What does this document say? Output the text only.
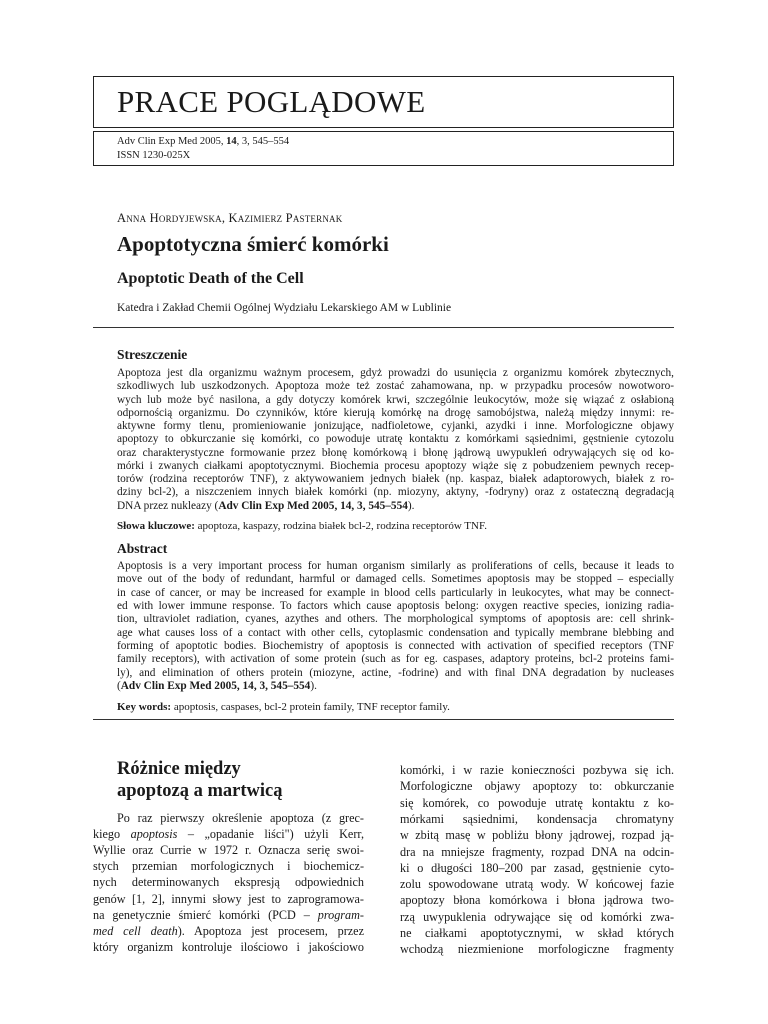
PRACE POGLĄDOWE
Adv Clin Exp Med 2005, 14, 3, 545–554
ISSN 1230-025X
Anna Hordyjewska, Kazimierz Pasternak
Apoptotyczna śmierć komórki
Apoptotic Death of the Cell
Katedra i Zakład Chemii Ogólnej Wydziału Lekarskiego AM w Lublinie
Streszczenie
Apoptoza jest dla organizmu ważnym procesem, gdyż prowadzi do usunięcia z organizmu komórek zbytecznych,
szkodliwych lub uszkodzonych. Apoptoza może też zostać zahamowana, np. w przypadku procesów nowotworo-
wych lub może być nasilona, a gdy dotyczy komórek krwi, szczególnie leukocytów, może się wiązać z osłabioną
odpornością organizmu. Do czynników, które kierują komórkę na drogę samobójstwa, należą między innymi: re-
aktywne formy tlenu, promieniowanie jonizujące, nadfioletowe, cyjanki, azydki i inne. Morfologiczne objawy
apoptozy to obkurczanie się komórki, co powoduje utratę kontaktu z komórkami sąsiednimi, gęstnienie cytozolu
oraz charakterystyczne formowanie przez błonę komórkową i błonę jądrową uwypukleń odrywających się od ko-
mórki i zwanych ciałkami apoptotycznymi. Biochemia procesu apoptozy wiąże się z pobudzeniem pewnych recep-
torów (rodzina receptorów TNF), z aktywowaniem jednych białek (np. kaspaz, białek adaptorowych, białek z ro-
dziny bcl-2), a niszczeniem innych białek komórki (np. miozyny, aktyny, -fodryny) oraz z ostateczną degradacją
DNA przez nukleazy (Adv Clin Exp Med 2005, 14, 3, 545–554).
Słowa kluczowe: apoptoza, kaspazy, rodzina białek bcl-2, rodzina receptorów TNF.
Abstract
Apoptosis is a very important process for human organism similarly as proliferations of cells, because it leads to
move out of the body of redundant, harmful or damaged cells. Sometimes apoptosis may be stopped – especially
in case of cancer, or may be increased for example in blood cells particularly in leukocytes, what may be connect-
ed with lower immune response. To factors which cause apoptosis belong: oxygen reactive species, ionizing radia-
tion, ultraviolet radiation, cyanes, azythes and others. The morphological symptoms of apoptosis are: cell shrink-
age what causes loss of a contact with other cells, cytoplasmic condensation and typically membrane blebbing and
forming of apoptotic bodies. Biochemistry of apoptosis is connected with activation of specified receptors (TNF
family receptors), with activation of some protein (such as for eg. caspases, adaptory proteins, bcl-2 proteins fami-
ly), and elimination of others protein (miozyne, actine, -fodrine) and with final DNA degradation by nucleases
(Adv Clin Exp Med 2005, 14, 3, 545–554).
Key words: apoptosis, caspases, bcl-2 protein family, TNF receptor family.
Różnice między
apoptozą a martwicą
Po raz pierwszy określenie apoptoza (z grec-
kiego apoptosis – „opadanie liści") użyli Kerr,
Wyllie oraz Currie w 1972 r. Oznacza serię swoi-
stych przemian morfologicznych i biochemicz-
nych determinowanych ekspresją odpowiednich
genów [1, 2], innymi słowy jest to zaprogramowa-
na genetycznie śmierć komórki (PCD – program-
med cell death). Apoptoza jest procesem, przez
który organizm kontroluje ilościowo i jakościowo
komórki, i w razie konieczności pozbywa się ich.
Morfologiczne objawy apoptozy to: obkurczanie
się komórek, co powoduje utratę kontaktu z ko-
mórkami sąsiednimi, kondensacja chromatyny
w zbitą masę w pobliżu błony jądrowej, rozpad ją-
dra na mniejsze fragmenty, rozpad DNA na odcin-
ki o długości 180–200 par zasad, gęstnienie cyto-
zolu spowodowane utratą wody. W końcowej fazie
apoptozy błona komórkowa i błona jądrowa two-
rzą uwypuklenia odrywające się od komórki zwa-
ne ciałkami apoptotycznymi, w skład których
wchodzą niezmienione morfologiczne fragmenty
